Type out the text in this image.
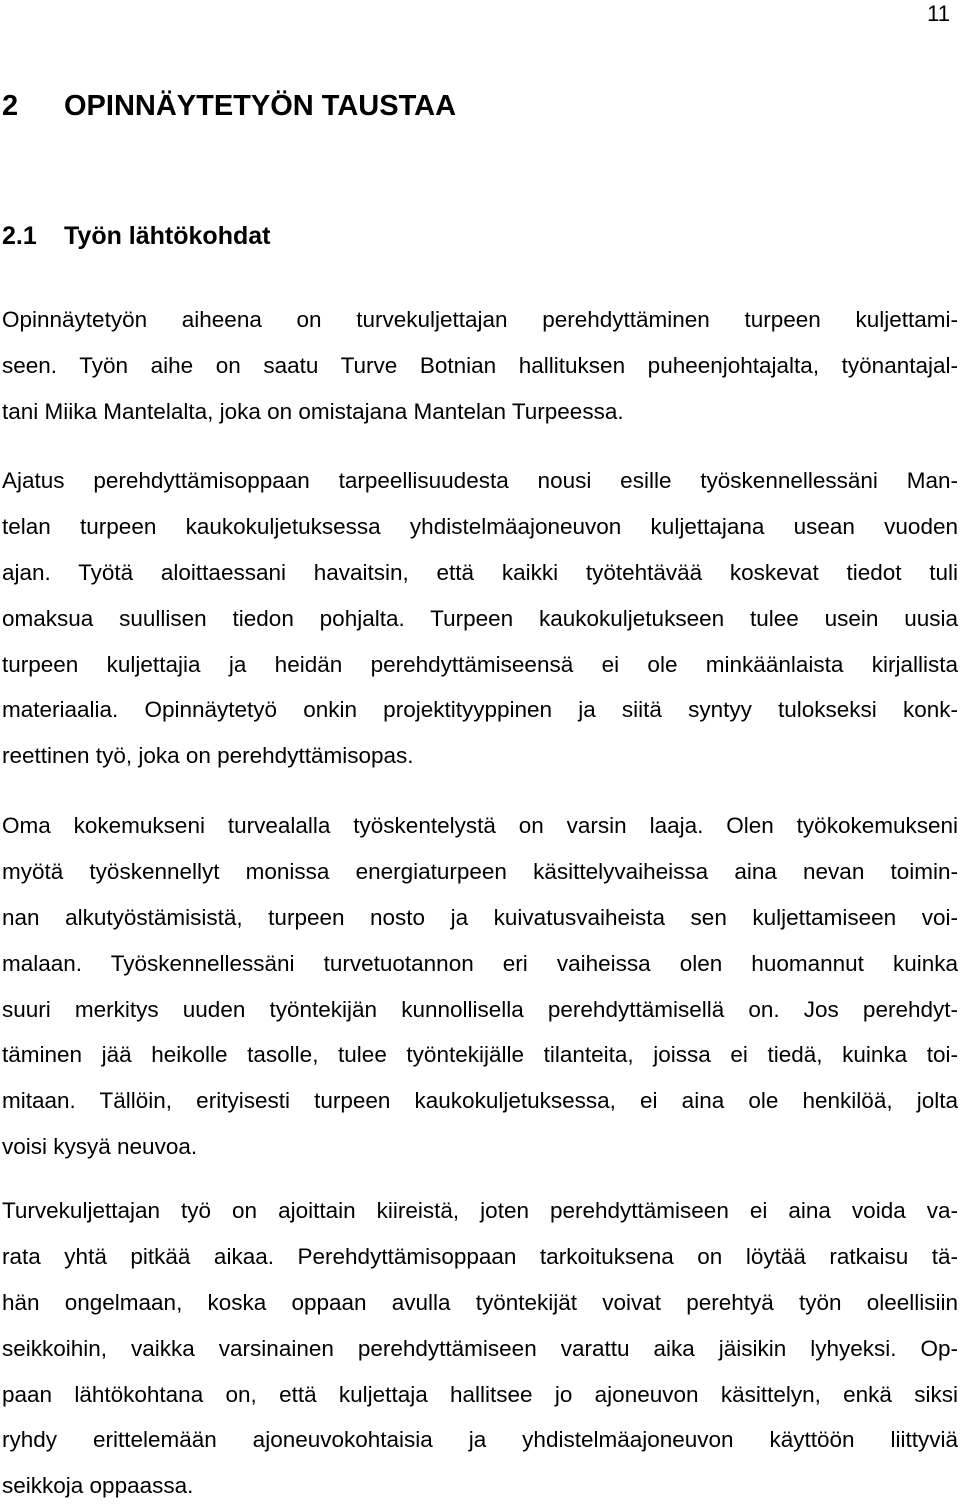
11
2 OPINNÄYTETYÖN TAUSTAA
2.1 Työn lähtökohdat

Opinnäytetyön aiheena on turvekuljettajan perehdyttäminen turpeen kuljettami-
seen. Työn aihe on saatu Turve Botnian hallituksen puheenjohtajalta, työnantajal-
tani Miika Mantelalta, joka on omistajana Mantelan Turpeessa.

Ajatus perehdyttämisoppaan tarpeellisuudesta nousi esille työskennellessäni Man-
telan turpeen kaukokuljetuksessa yhdistelmäajoneuvon kuljettajana usean vuoden
ajan. Työtä aloittaessani havaitsin, että kaikki työtehtävää koskevat tiedot tuli
omaksua suullisen tiedon pohjalta. Turpeen kaukokuljetukseen tulee usein uusia
turpeen kuljettajia ja heidän perehdyttämiseensä ei ole minkäänlaista kirjallista
materiaalia. Opinnäytetyö onkin projektityyppinen ja siitä syntyy tulokseksi konk-
reettinen työ, joka on perehdyttämisopas.

Oma kokemukseni turvealalla työskentelystä on varsin laaja. Olen työkokemukseni
myötä työskennellyt monissa energiaturpeen käsittelyvaiheissa aina nevan toimin-
nan alkutyöstämisistä, turpeen nosto ja kuivatusvaiheista sen kuljettamiseen voi-
malaan. Työskennellessäni turvetuotannon eri vaiheissa olen huomannut kuinka
suuri merkitys uuden työntekijän kunnollisella perehdyttämisellä on. Jos perehdyt-
täminen jää heikolle tasolle, tulee työntekijälle tilanteita, joissa ei tiedä, kuinka toi-
mitaan. Tällöin, erityisesti turpeen kaukokuljetuksessa, ei aina ole henkilöä, jolta
voisi kysyä neuvoa.

Turvekuljettajan työ on ajoittain kiireistä, joten perehdyttämiseen ei aina voida va-
rata yhtä pitkää aikaa. Perehdyttämisoppaan tarkoituksena on löytää ratkaisu tä-
hän ongelmaan, koska oppaan avulla työntekijät voivat perehtyä työn oleellisiin
seikkoihin, vaikka varsinainen perehdyttämiseen varattu aika jäisikin lyhyeksi. Op-
paan lähtökohtana on, että kuljettaja hallitsee jo ajoneuvon käsittelyn, enkä siksi
ryhdy erittelemään ajoneuvokohtaisia ja yhdistelmäajoneuvon käyttöön liittyviä
seikkoja oppaassa.
